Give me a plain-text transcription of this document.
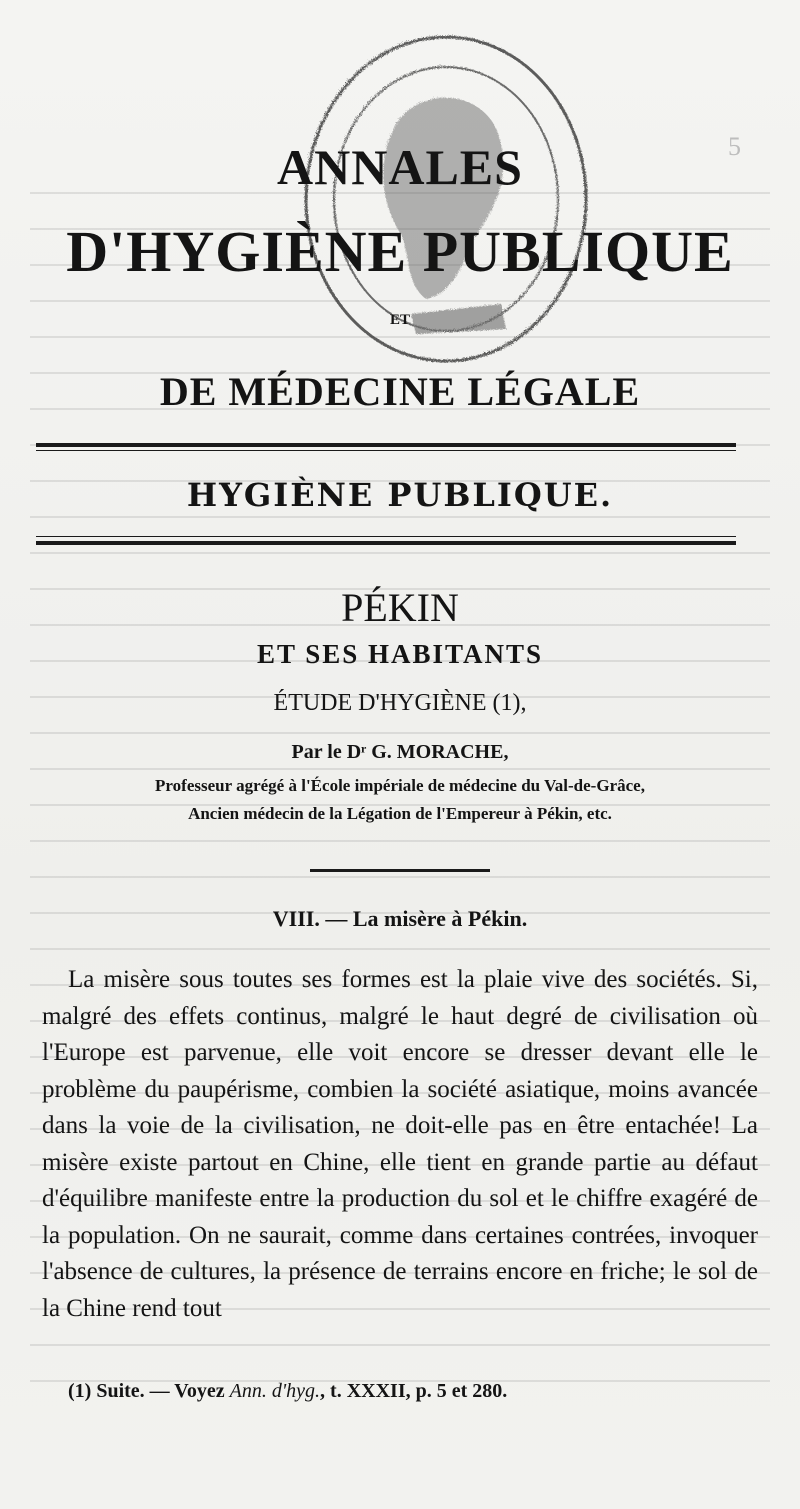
5
ANNALES
D'HYGIÈNE PUBLIQUE
ET
DE MÉDECINE LÉGALE
HYGIÈNE PUBLIQUE.
PÉKIN
ET SES HABITANTS
ÉTUDE D'HYGIÈNE (1),
Par le Dʳ G. MORACHE,
Professeur agrégé à l'École impériale de médecine du Val-de-Grâce,
Ancien médecin de la Légation de l'Empereur à Pékin, etc.
VIII. — La misère à Pékin.

La misère sous toutes ses formes est la plaie vive des sociétés. Si, malgré des effets continus, malgré le haut degré de civilisation où l'Europe est parvenue, elle voit encore se dresser devant elle le problème du paupérisme, combien la société asiatique, moins avancée dans la voie de la civilisation, ne doit-elle pas en être entachée! La misère existe partout en Chine, elle tient en grande partie au défaut d'équilibre manifeste entre la production du sol et le chiffre exagéré de la population. On ne saurait, comme dans certaines contrées, invoquer l'absence de cultures, la présence de terrains encore en friche; le sol de la Chine rend tout

(1) Suite. — Voyez Ann. d'hyg., t. XXXII, p. 5 et 280.
